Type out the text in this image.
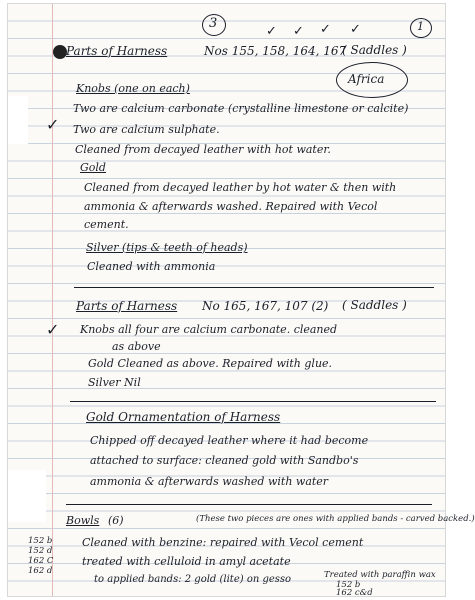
3	1
✓ ✓ ✓ ✓
Parts of Harness	Nos 155, 158, 164, 167
( Saddles )
Africa
Knobs (one on each)
Two are calcium carbonate (crystalline limestone or calcite)
✓ Two are calcium sulphate.
Cleaned from decayed leather with hot water.
Gold
Cleaned from decayed leather by hot water & then with
ammonia & afterwards washed. Repaired with Vecol
cement.
Silver (tips & teeth of heads)
Cleaned with ammonia
Parts of Harness No 165, 167, 107 (2) ( Saddles )
✓ Knobs all four are calcium carbonate. cleaned
as above
Gold Cleaned as above. Repaired with glue.
Silver Nil
Gold Ornamentation of Harness
Chipped off decayed leather where it had become
attached to surface: cleaned gold with Sandbo's
ammonia & afterwards washed with water
Bowls (6)	(These two pieces are ones with applied bands - carved backed.)
152 b
152 d
162 C
162 d
Cleaned with benzine: repaired with Vecol cement
treated with celluloid in amyl acetate
to applied bands: 2 gold (lite) on gesso	Treated with paraffin wax
152 b
162 c&d
